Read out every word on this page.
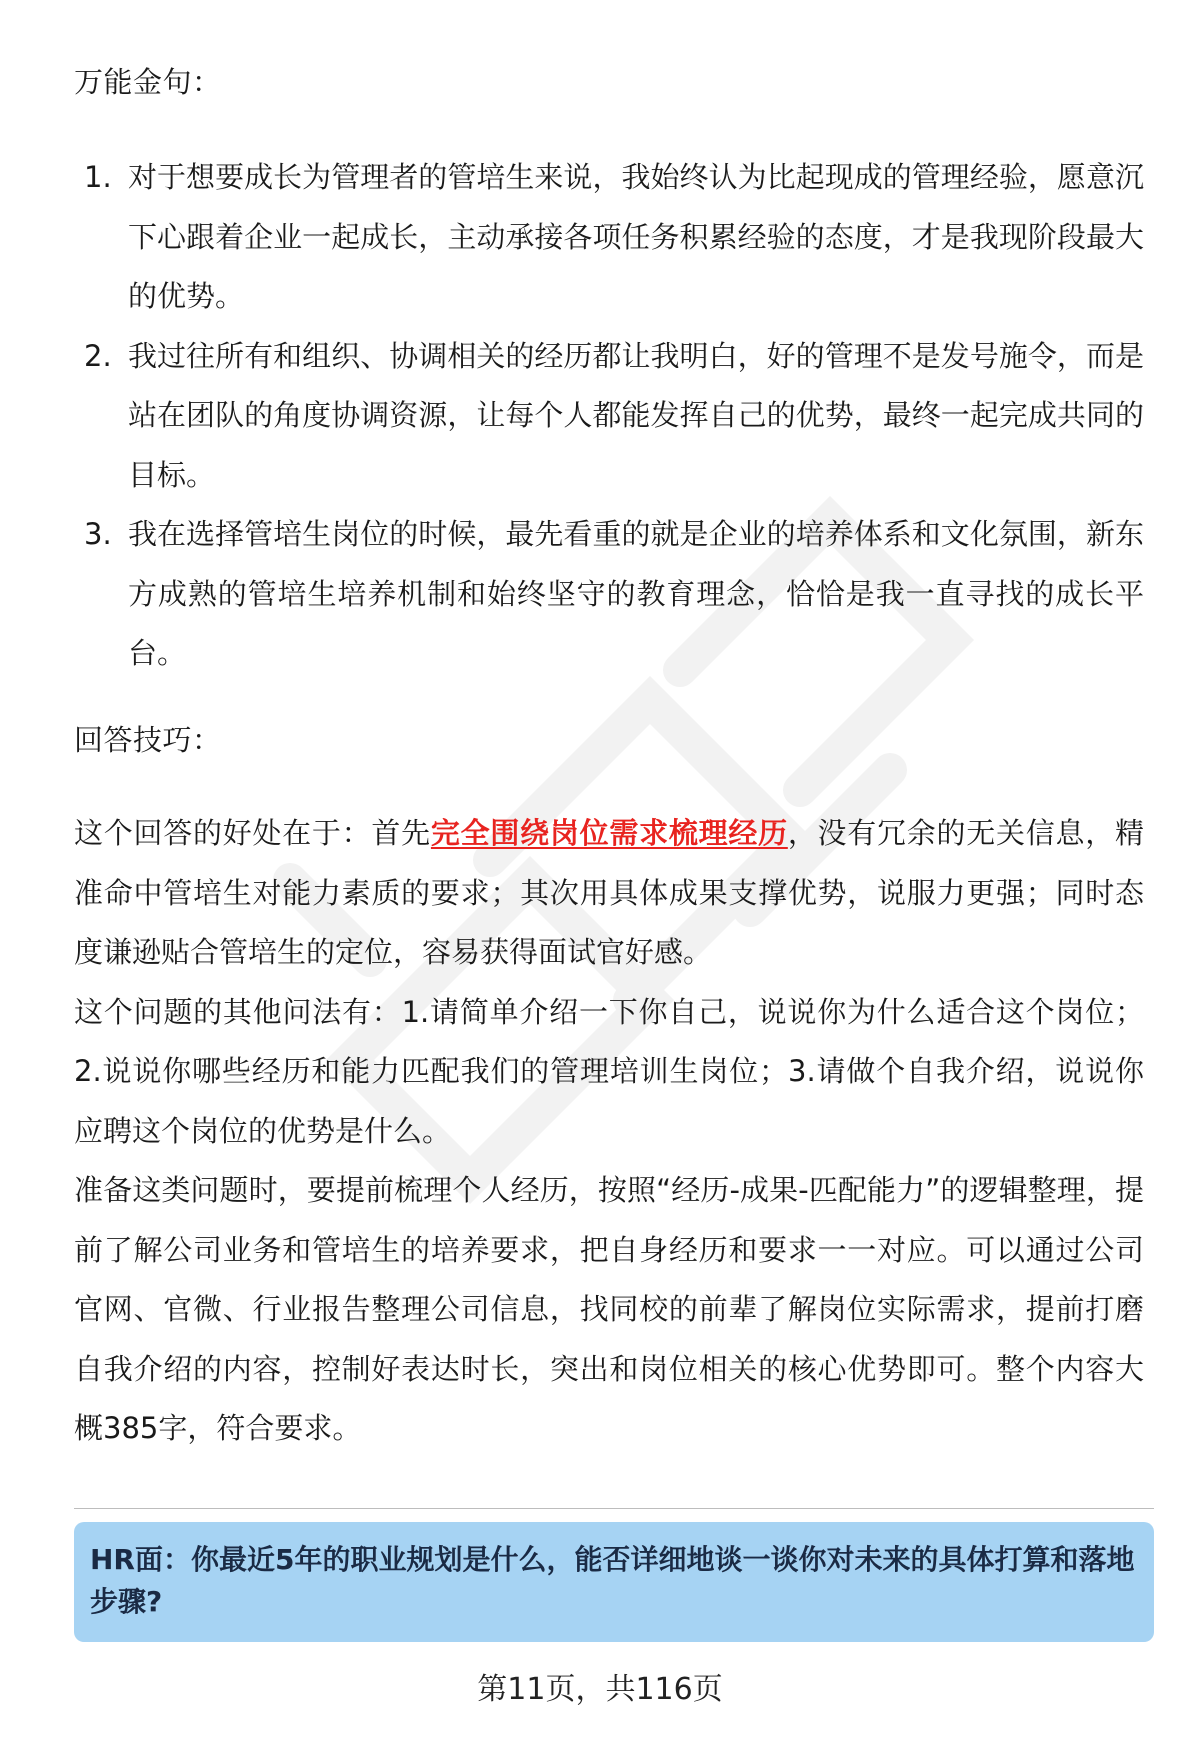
万能金句：
1. 对于想要成长为管理者的管培生来说，我始终认为比起现成的管理经验，愿意沉下心跟着企业一起成长，主动承接各项任务积累经验的态度，才是我现阶段最大的优势。
2. 我过往所有和组织、协调相关的经历都让我明白，好的管理不是发号施令，而是站在团队的角度协调资源，让每个人都能发挥自己的优势，最终一起完成共同的目标。
3. 我在选择管培生岗位的时候，最先看重的就是企业的培养体系和文化氛围，新东方成熟的管培生培养机制和始终坚守的教育理念，恰恰是我一直寻找的成长平台。
回答技巧：

这个回答的好处在于：首先完全围绕岗位需求梳理经历，没有冗余的无关信息，精准命中管培生对能力素质的要求；其次用具体成果支撑优势，说服力更强；同时态度谦逊贴合管培生的定位，容易获得面试官好感。

这个问题的其他问法有：1.请简单介绍一下你自己，说说你为什么适合这个岗位；2.说说你哪些经历和能力匹配我们的管理培训生岗位；3.请做个自我介绍，说说你应聘这个岗位的优势是什么。

准备这类问题时，要提前梳理个人经历，按照“经历-成果-匹配能力”的逻辑整理，提前了解公司业务和管培生的培养要求，把自身经历和要求一一对应。可以通过公司官网、官微、行业报告整理公司信息，找同校的前辈了解岗位实际需求，提前打磨自我介绍的内容，控制好表达时长，突出和岗位相关的核心优势即可。整个内容大概385字，符合要求。

HR面：你最近5年的职业规划是什么，能否详细地谈一谈你对未来的具体打算和落地步骤?
第11页，共116页
